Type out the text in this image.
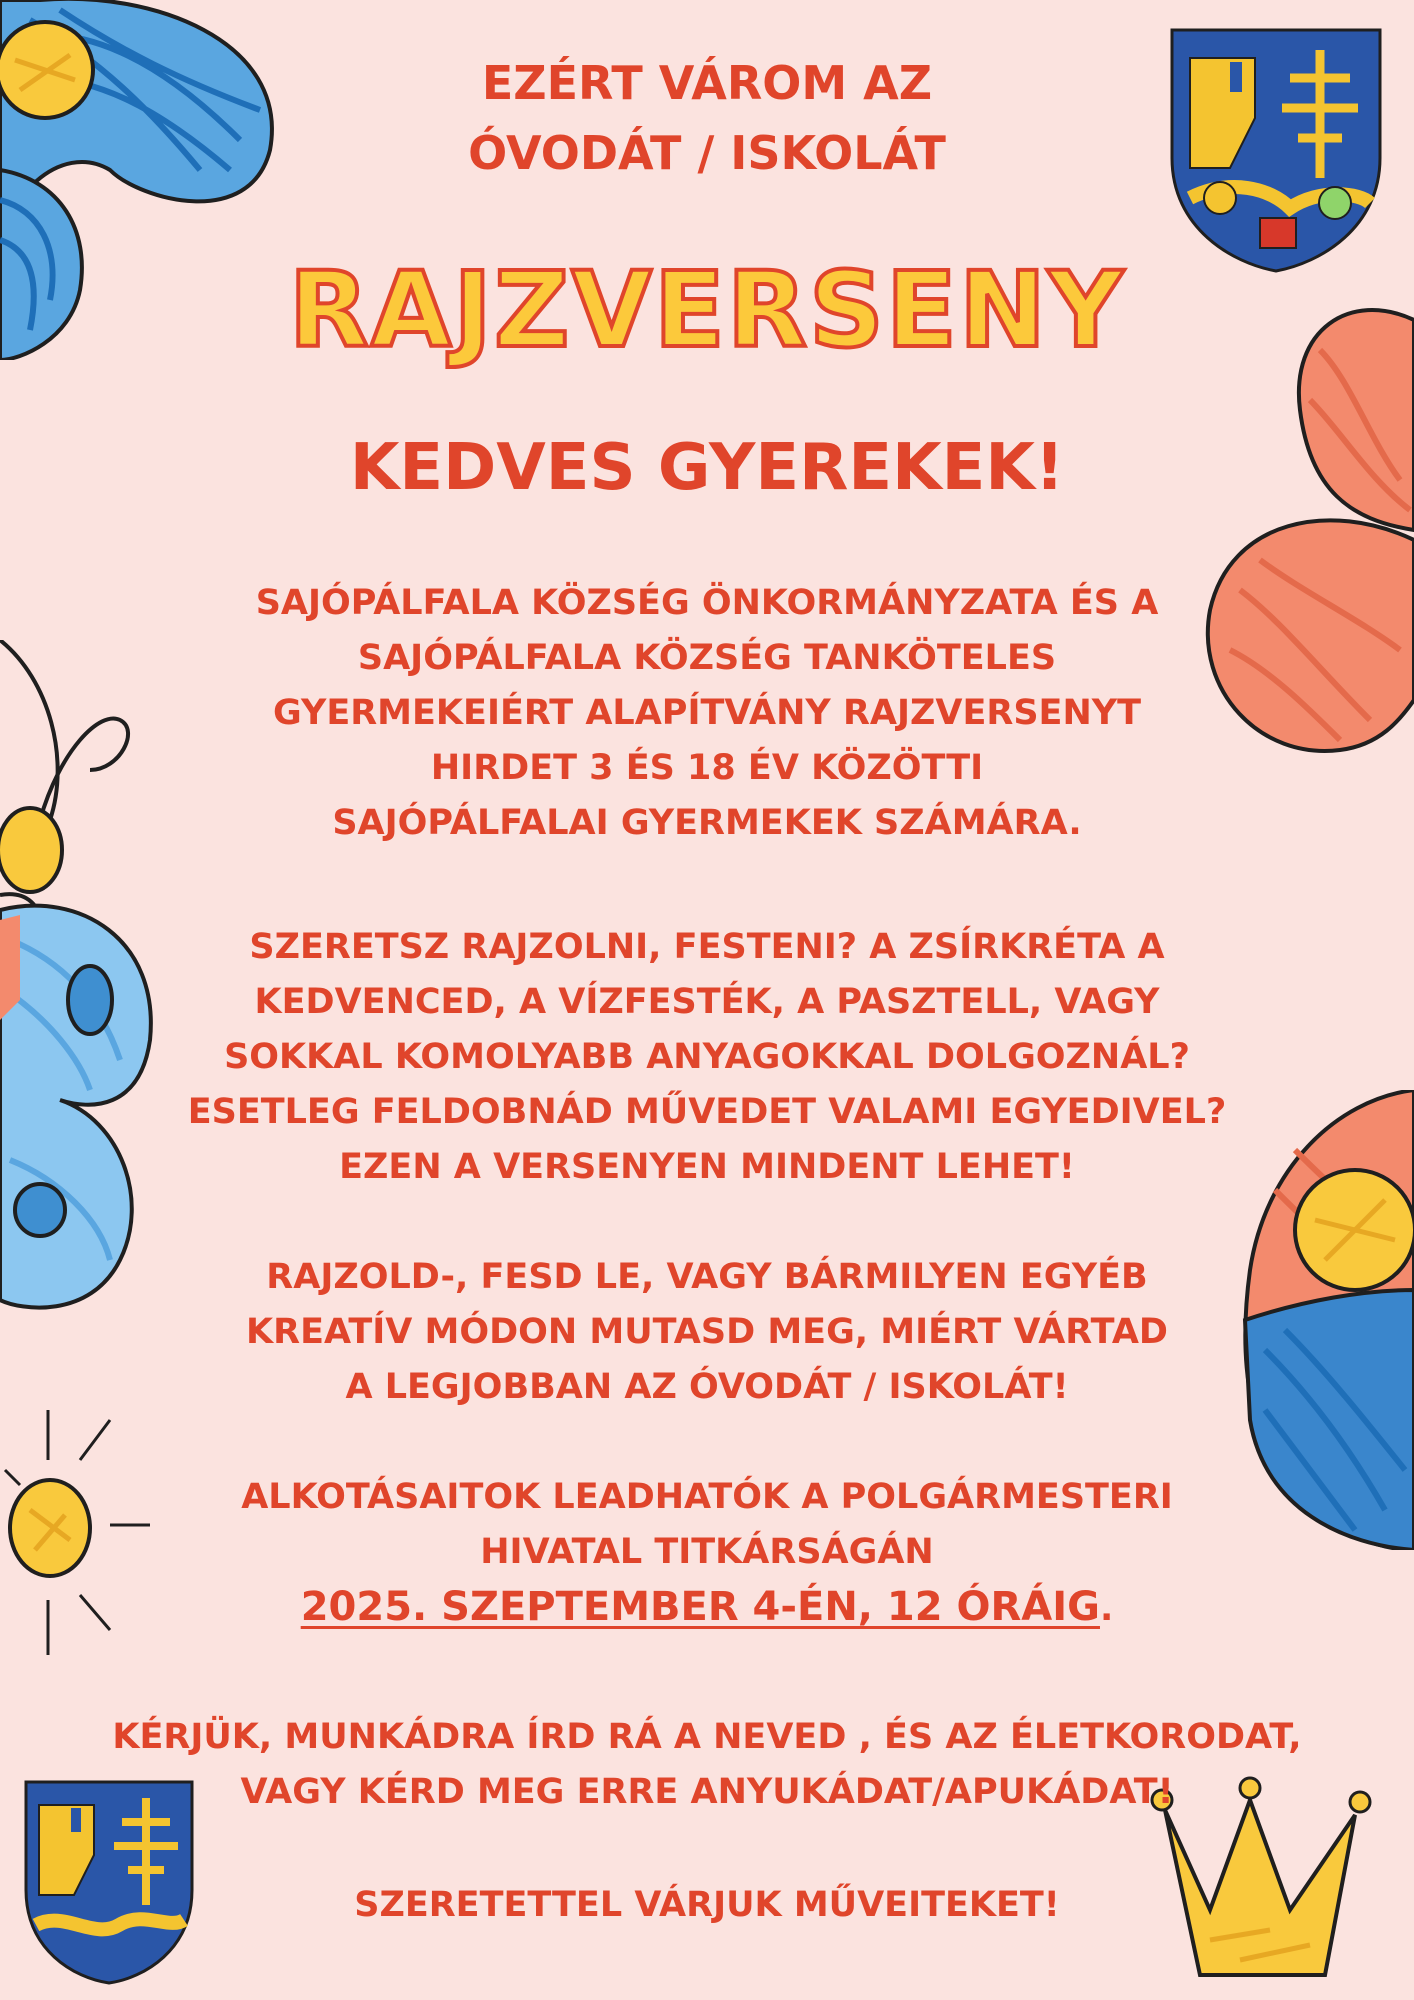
EZÉRT VÁROM AZ
ÓVODÁT / ISKOLÁT
RAJZVERSENY
KEDVES GYEREKEK!
SAJÓPÁLFALA KÖZSÉG ÖNKORMÁNYZATA ÉS A
SAJÓPÁLFALA KÖZSÉG TANKÖTELES
GYERMEKEIÉRT ALAPÍTVÁNY RAJZVERSENYT
HIRDET 3 ÉS 18 ÉV KÖZÖTTI
SAJÓPÁLFALAI GYERMEKEK SZÁMÁRA.
SZERETSZ RAJZOLNI, FESTENI? A ZSÍRKRÉTA A
KEDVENCED, A VÍZFESTÉK, A PASZTELL, VAGY
SOKKAL KOMOLYABB ANYAGOKKAL DOLGOZNÁL?
ESETLEG FELDOBNÁD MŰVEDET VALAMI EGYEDIVEL?
EZEN A VERSENYEN MINDENT LEHET!
RAJZOLD-, FESD LE, VAGY BÁRMILYEN EGYÉB
KREATÍV MÓDON MUTASD MEG, MIÉRT VÁRTAD
A LEGJOBBAN AZ ÓVODÁT / ISKOLÁT!
ALKOTÁSAITOK LEADHATÓK A POLGÁRMESTERI
HIVATAL TITKÁRSÁGÁN
2025. SZEPTEMBER 4-ÉN, 12 ÓRÁIG.
KÉRJÜK, MUNKÁDRA ÍRD RÁ A NEVED , ÉS AZ ÉLETKORODAT,
VAGY KÉRD MEG ERRE ANYUKÁDAT/APUKÁDAT!
SZERETETTEL VÁRJUK MŰVEITEKET!
